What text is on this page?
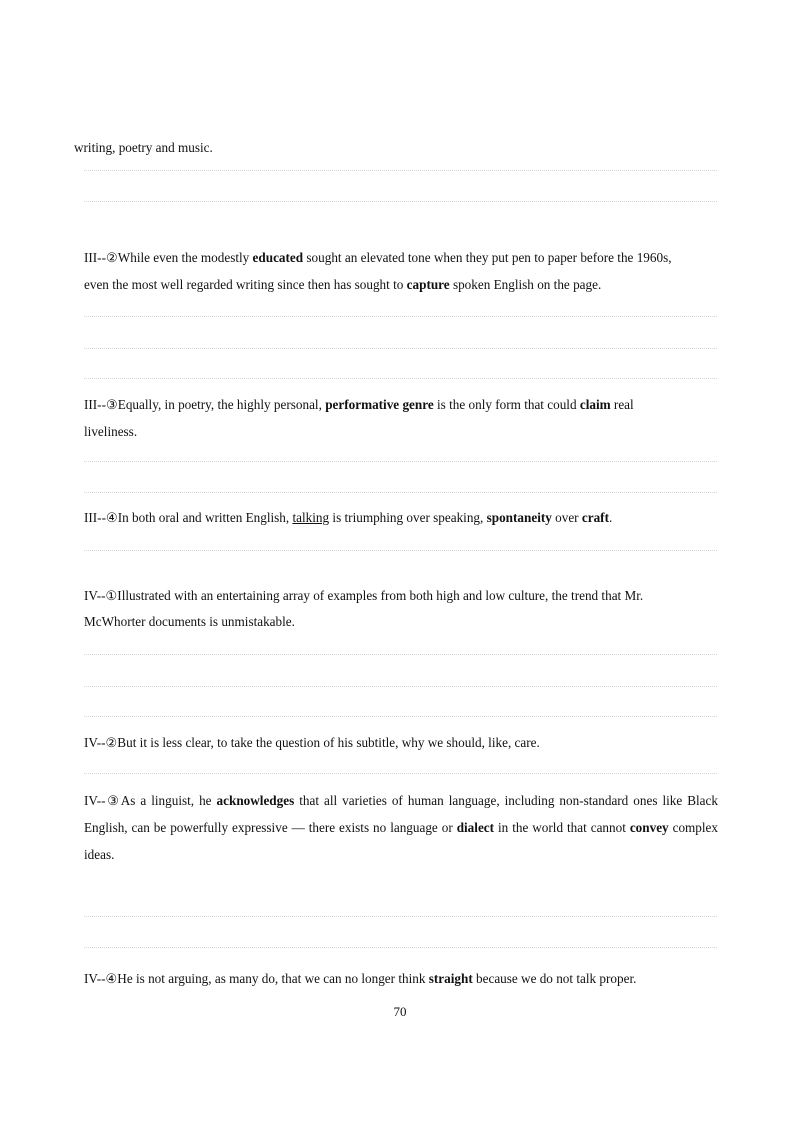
writing, poetry and music.
III--②While even the modestly educated sought an elevated tone when they put pen to paper before the 1960s,
even the most well regarded writing since then has sought to capture spoken English on the page.
III--③Equally, in poetry, the highly personal, performative genre is the only form that could claim real liveliness.
III--④In both oral and written English, talking is triumphing over speaking, spontaneity over craft.
IV--①Illustrated with an entertaining array of examples from both high and low culture, the trend that Mr.
McWhorter documents is unmistakable.
IV--②But it is less clear, to take the question of his subtitle, why we should, like, care.
IV--③As a linguist, he acknowledges that all varieties of human language, including non-standard ones like Black English, can be powerfully expressive — there exists no language or dialect in the world that cannot convey complex ideas.
IV--④He is not arguing, as many do, that we can no longer think straight because we do not talk proper.
70
